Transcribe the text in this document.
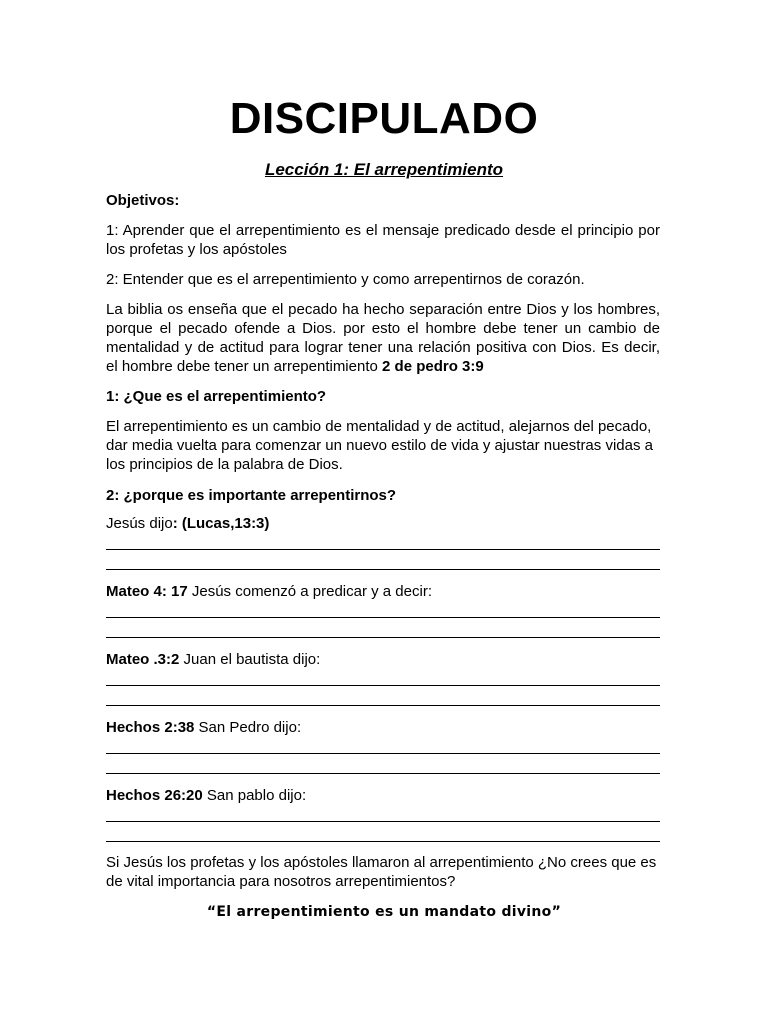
DISCIPULADO
Lección 1: El arrepentimiento

Objetivos:

1: Aprender que el arrepentimiento es el mensaje predicado desde el principio por los profetas y los apóstoles

2: Entender que es el arrepentimiento y como arrepentirnos de corazón.

La biblia os enseña que el pecado ha hecho separación entre Dios y los hombres, porque el pecado ofende a Dios. por esto el hombre debe tener un cambio de mentalidad y de actitud para lograr tener una relación positiva con Dios. Es decir, el hombre debe tener un arrepentimiento 2 de pedro 3:9

1: ¿Que es el arrepentimiento?

El arrepentimiento es un cambio de mentalidad y de actitud, alejarnos del pecado, dar media vuelta para comenzar un nuevo estilo de vida y ajustar nuestras vidas a los principios de la palabra de Dios.

2: ¿porque es importante arrepentirnos?

Jesús dijo: (Lucas,13:3)

Mateo 4: 17 Jesús comenzó a predicar y a decir:

Mateo .3:2 Juan el bautista dijo:

Hechos 2:38 San Pedro dijo:

Hechos 26:20 San pablo dijo:

Si Jesús los profetas y los apóstoles llamaron al arrepentimiento ¿No crees que es de vital importancia para nosotros arrepentimientos?

“El arrepentimiento es un mandato divino”
